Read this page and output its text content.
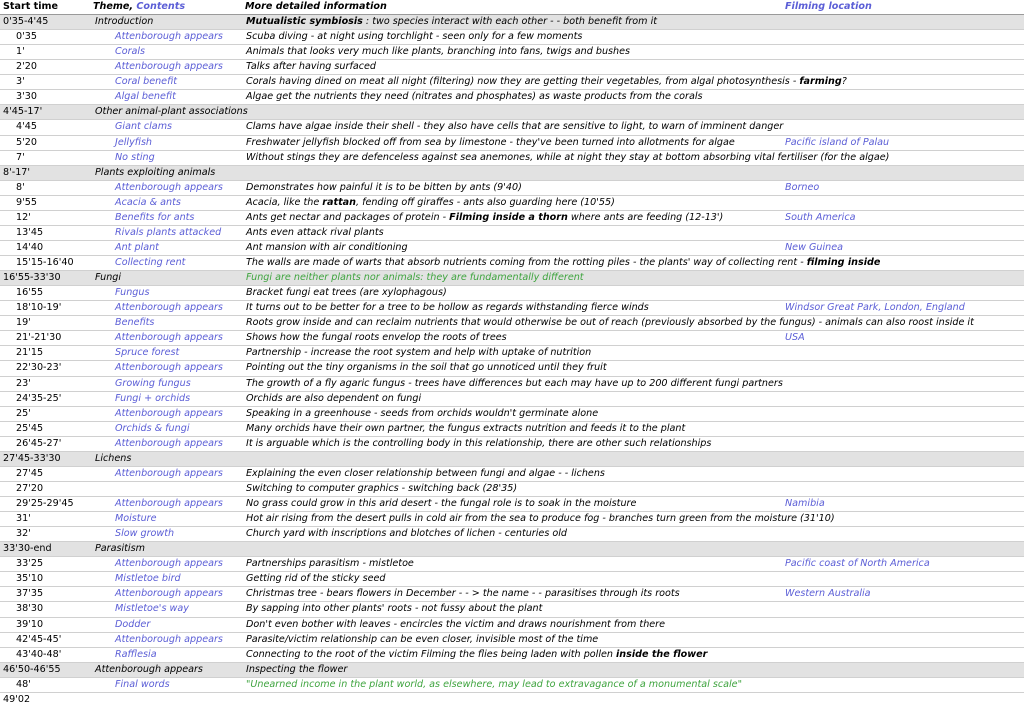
Start time	Theme, Contents	More detailed information	Filming location
0'35-4'45	Introduction	Mutualistic symbiosis : two species interact with each other - - both benefit from it	
0'35	Attenborough appears	Scuba diving - at night using torchlight - seen only for a few moments	
1'	Corals	Animals that looks very much like plants, branching into fans, twigs and bushes	
2'20	Attenborough appears	Talks after having surfaced	
3'	Coral benefit	Corals having dined on meat all night (filtering) now they are getting their vegetables, from algal photosynthesis - farming?	
3'30	Algal benefit	Algae get the nutrients they need (nitrates and phosphates) as waste products from the corals	
4'45-17'	Other animal-plant associations		
4'45	Giant clams	Clams have algae inside their shell - they also have cells that are sensitive to light, to warn of imminent danger	
5'20	Jellyfish	Freshwater jellyfish blocked off from sea by limestone - they've been turned into allotments for algae	Pacific island of Palau
7'	No sting	Without stings they are defenceless against sea anemones, while at night they stay at bottom absorbing vital fertiliser (for the algae)	
8'-17'	Plants exploiting animals		
8'	Attenborough appears	Demonstrates how painful it is to be bitten by ants (9'40)	Borneo
9'55	Acacia & ants	Acacia, like the rattan, fending off giraffes - ants also guarding here (10'55)	
12'	Benefits for ants	Ants get nectar and packages of protein - Filming inside a thorn where ants are feeding (12-13')	South America
13'45	Rivals plants attacked	Ants even attack rival plants	
14'40	Ant plant	Ant mansion with air conditioning	New Guinea
15'15-16'40	Collecting rent	The walls are made of warts that absorb nutrients coming from the rotting piles - the plants' way of collecting rent - filming inside	
16'55-33'30	Fungi	Fungi are neither plants nor animals: they are fundamentally different	
16'55	Fungus	Bracket fungi eat trees (are xylophagous)	
18'10-19'	Attenborough appears	It turns out to be better for a tree to be hollow as regards withstanding fierce winds	Windsor Great Park, London, England
19'	Benefits	Roots grow inside and can reclaim nutrients that would otherwise be out of reach (previously absorbed by the fungus) - animals can also roost inside it	
21'-21'30	Attenborough appears	Shows how the fungal roots envelop the roots of trees	USA
21'15	Spruce forest	Partnership - increase the root system and help with uptake of nutrition	
22'30-23'	Attenborough appears	Pointing out the tiny organisms in the soil that go unnoticed until they fruit	
23'	Growing fungus	The growth of a fly agaric fungus - trees have differences but each may have up to 200 different fungi partners	
24'35-25'	Fungi + orchids	Orchids are also dependent on fungi	
25'	Attenborough appears	Speaking in a greenhouse - seeds from orchids wouldn't germinate alone	
25'45	Orchids & fungi	Many orchids have their own partner, the fungus extracts nutrition and feeds it to the plant	
26'45-27'	Attenborough appears	It is arguable which is the controlling body in this relationship, there are other such relationships	
27'45-33'30	Lichens		
27'45	Attenborough appears	Explaining the even closer relationship between fungi and algae - - lichens	
27'20		Switching to computer graphics - switching back (28'35)	
29'25-29'45	Attenborough appears	No grass could grow in this arid desert - the fungal role is to soak in the moisture	Namibia
31'	Moisture	Hot air rising from the desert pulls in cold air from the sea to produce fog - branches turn green from the moisture (31'10)	
32'	Slow growth	Church yard with inscriptions and blotches of lichen - centuries old	
33'30-end	Parasitism		
33'25	Attenborough appears	Partnerships parasitism - mistletoe	Pacific coast of North America
35'10	Mistletoe bird	Getting rid of the sticky seed	
37'35	Attenborough appears	Christmas tree - bears flowers in December - - > the name - - parasitises through its roots	Western Australia
38'30	Mistletoe's way	By sapping into other plants' roots - not fussy about the plant	
39'10	Dodder	Don't even bother with leaves - encircles the victim and draws nourishment from there	
42'45-45'	Attenborough appears	Parasite/victim relationship can be even closer, invisible most of the time	
43'40-48'	Rafflesia	Connecting to the root of the victim Filming the flies being laden with pollen inside the flower	
46'50-46'55	Attenborough appears	Inspecting the flower	
48'	Final words	"Unearned income in the plant world, as elsewhere, may lead to extravagance of a monumental scale"	
49'02			
